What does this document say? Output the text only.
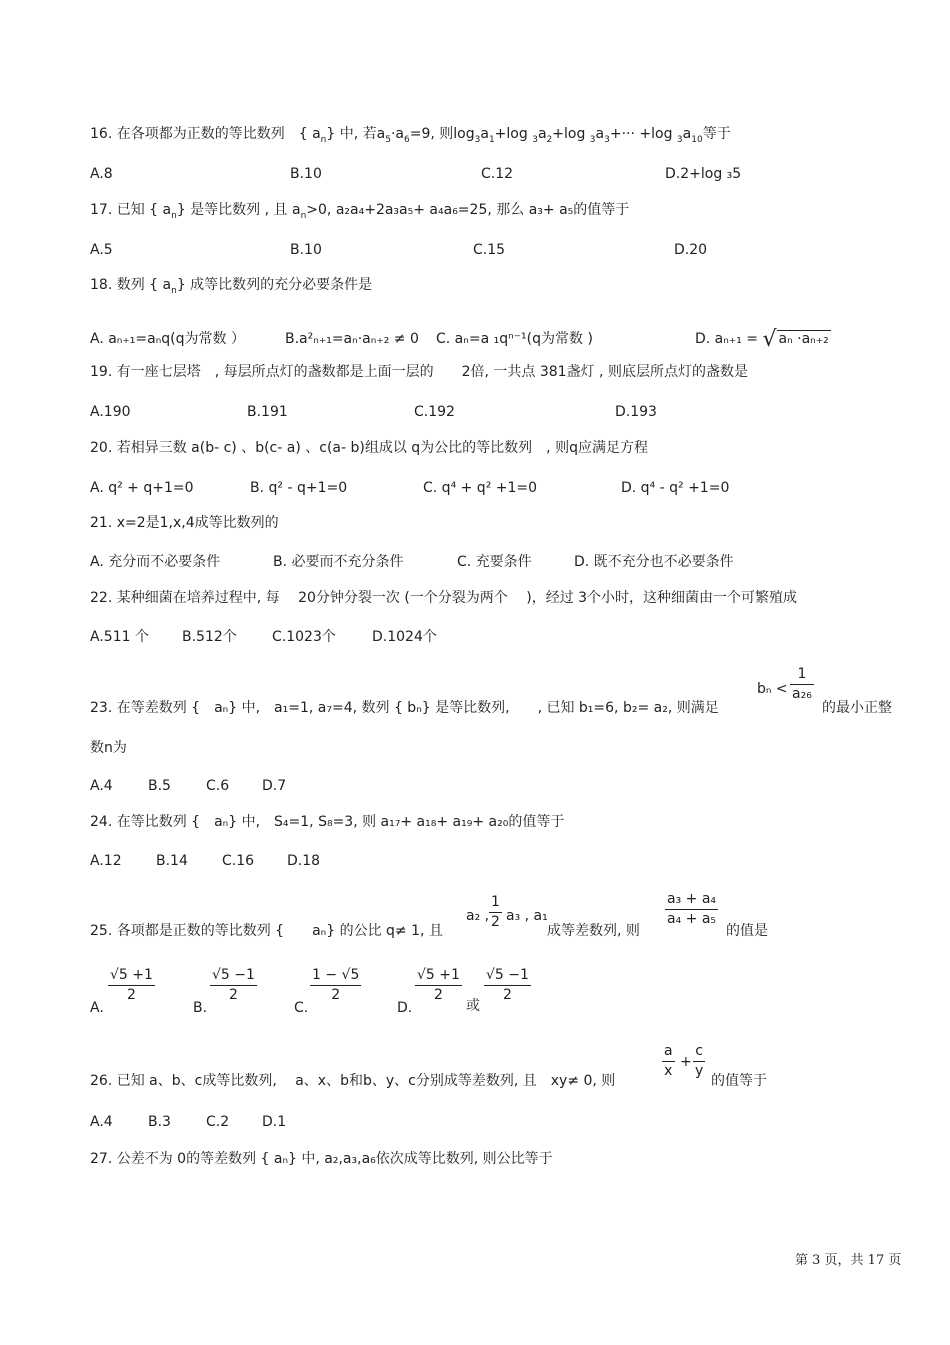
16. 在各项都为正数的等比数列　{ $a_n$} 中, 若$a_5\cdot a_6=9$, 则$\log_3a_1+\log$ $_3a_2+\log$ $_3a_3+\cdot\cdot\cdot +\log$ $_3a_{10}$等于
A.8	B.10	C.12	D.2+log ₃5
17. 已知 { $a_n$} 是等比数列 , 且 $a_n>0$, a₂a₄+2a₃a₅+ a₄a₆=25, 那么 a₃+ a₅的值等于
A.5	B.10	C.15	D.20
18. 数列 { $a_n$} 成等比数列的充分必要条件是
A. aₙ₊₁=aₙq(q为常数 ）	B.a²ₙ₊₁=aₙ·aₙ₊₂ ≠ 0 C. aₙ=a ₁qⁿ⁻¹(q为常数 )	D. aₙ₊₁ = √ aₙ ·aₙ₊₂
19. 有一座七层塔　, 每层所点灯的盏数都是上面一层的　　2倍, 一共点 381盏灯 , 则底层所点灯的盏数是
A.190	B.191	C.192	D.193
20. 若相异三数 a(b- c) 、b(c- a) 、c(a- b)组成以 q为公比的等比数列　, 则q应满足方程
A. q² + q+1=0	B. q² - q+1=0	C. q⁴ + q² +1=0	D. q⁴ - q² +1=0
21. x=2是1,x,4成等比数列的
A. 充分而不必要条件	B. 必要而不充分条件	C. 充要条件	D. 既不充分也不必要条件
22. 某种细菌在培养过程中, 每　 20分钟分裂一次 (一个分裂为两个　 )，经过 3个小时，这种细菌由一个可繁殖成
A.511 个 B.512个	C.1023个	D.1024个
23. 在等差数列 {　aₙ} 中,　a₁=1, a₇=4, 数列 { bₙ} 是等比数列,　　, 已知 b₁=6, b₂= a₂, 则满足
bₙ <
1
a₂₆
的最小正整
数n为
A.4	B.5	C.6 D.7
24. 在等比数列 {　aₙ} 中,　S₄=1, S₈=3, 则 a₁₇+ a₁₈+ a₁₉+ a₂₀的值等于
A.12 B.14 C.16 D.18
25. 各项都是正数的等比数列 {　　aₙ} 的公比 q≠ 1, 且
a₂ ,
1
2 a₃ , a₁
成等差数列, 则
a₃ + a₄
a₄ + a₅
的值是
A.
√5 +1
2
B.
√5 −1
2
C.
1 − √5
2
D.
√5 +1
2
或
√5 −1
2
26. 已知 a、b、c成等比数列,　 a、x、b和b、y、c分别成等差数列, 且　xy≠ 0, 则
a
x
+
c
y
的值等于
A.4	B.3	C.2 D.1
27. 公差不为 0的等差数列 { aₙ} 中, a₂,a₃,a₆依次成等比数列, 则公比等于
第 3 页，共 17 页
